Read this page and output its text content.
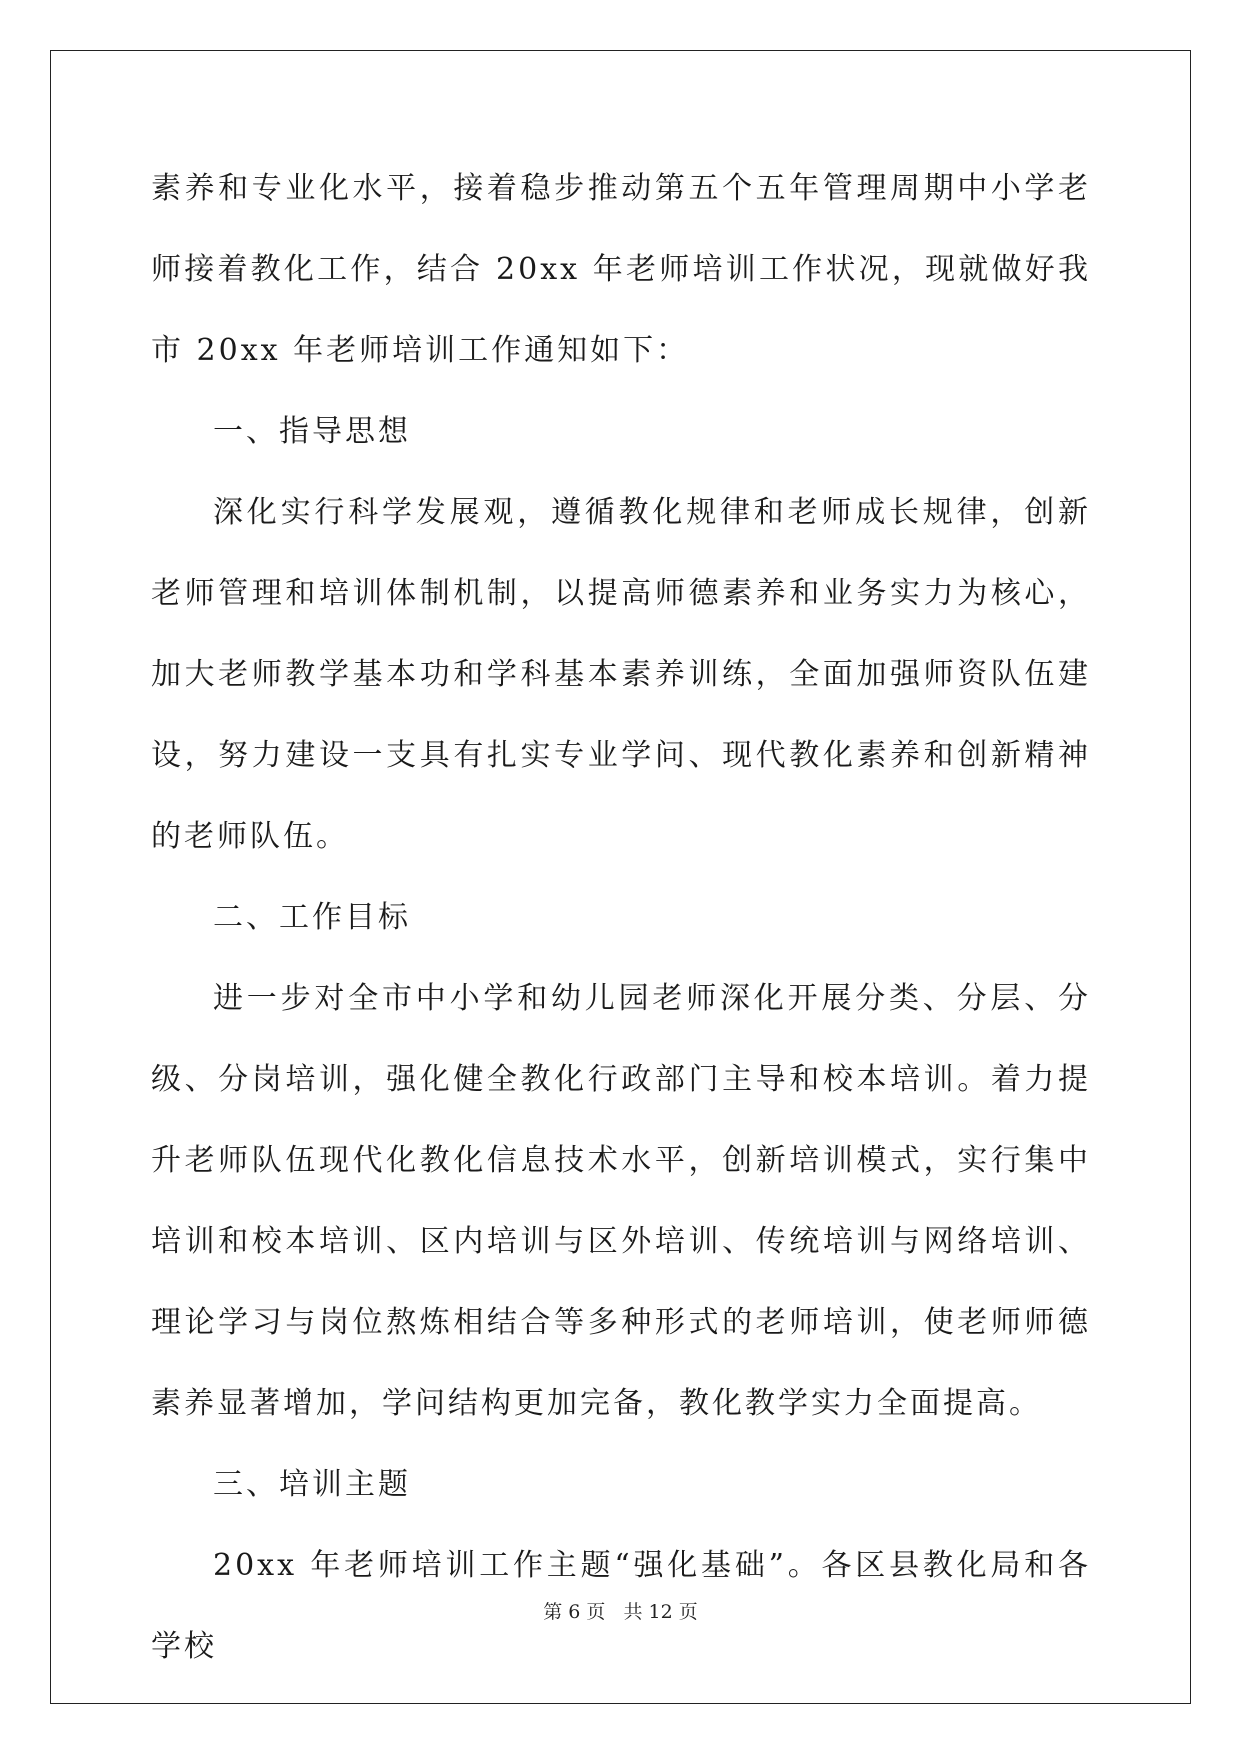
素养和专业化水平，接着稳步推动第五个五年管理周期中小学老师接着教化工作，结合 20xx 年老师培训工作状况，现就做好我市 20xx 年老师培训工作通知如下：

一、指导思想

深化实行科学发展观，遵循教化规律和老师成长规律，创新老师管理和培训体制机制，以提高师德素养和业务实力为核心，加大老师教学基本功和学科基本素养训练，全面加强师资队伍建设，努力建设一支具有扎实专业学问、现代教化素养和创新精神的老师队伍。

二、工作目标

进一步对全市中小学和幼儿园老师深化开展分类、分层、分级、分岗培训，强化健全教化行政部门主导和校本培训。着力提升老师队伍现代化教化信息技术水平，创新培训模式，实行集中培训和校本培训、区内培训与区外培训、传统培训与网络培训、理论学习与岗位熬炼相结合等多种形式的老师培训，使老师师德素养显著增加，学问结构更加完备，教化教学实力全面提高。

三、培训主题

20xx 年老师培训工作主题“强化基础”。各区县教化局和各学校

第 6 页 共 12 页
